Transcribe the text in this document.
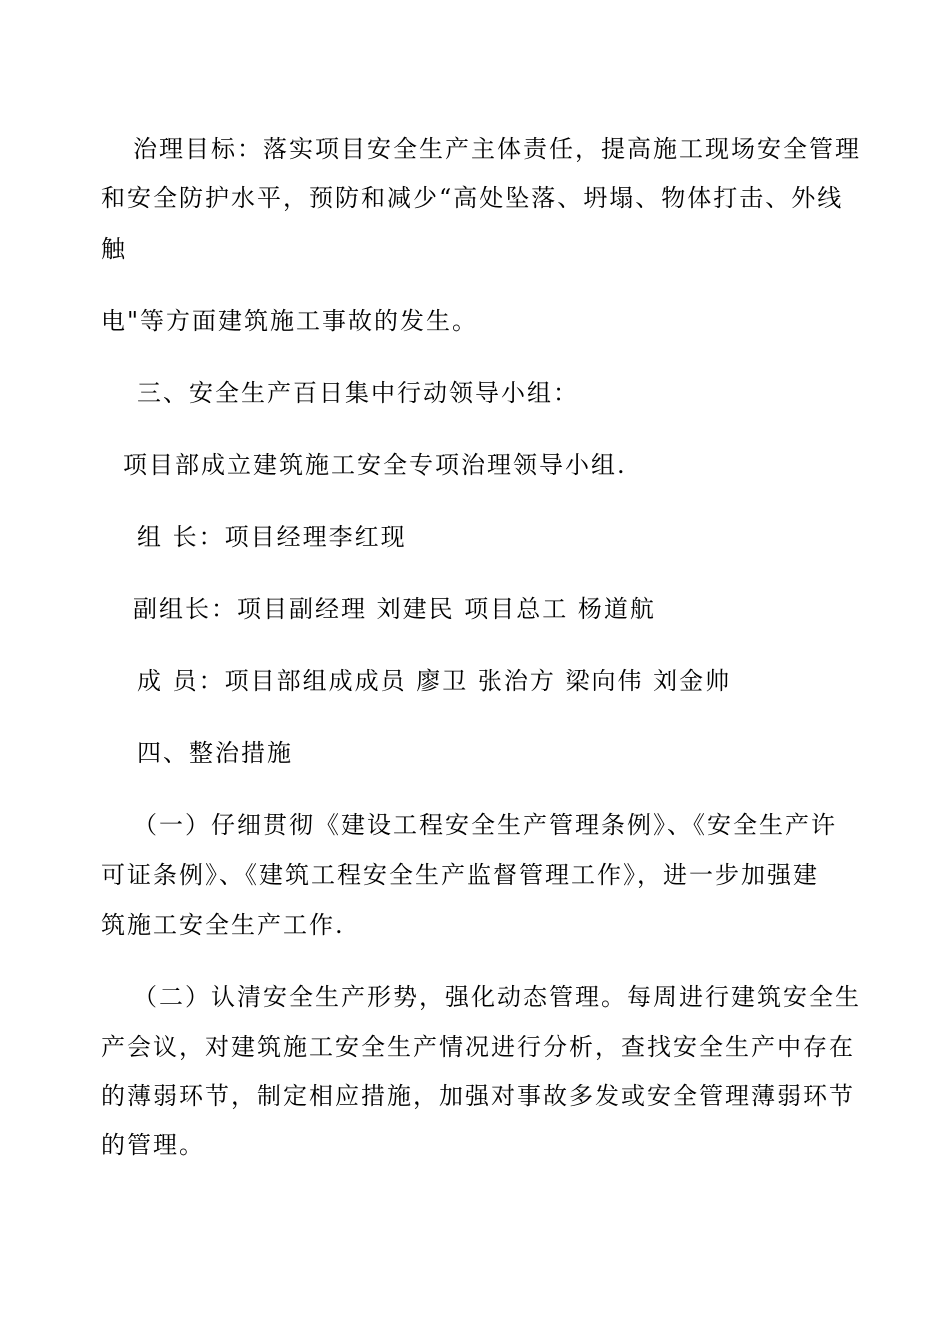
治理目标：落实项目安全生产主体责任，提高施工现场安全管理
和安全防护水平，预防和减少“高处坠落、坍塌、物体打击、外线
触
电"等方面建筑施工事故的发生。
三、安全生产百日集中行动领导小组：
项目部成立建筑施工安全专项治理领导小组.
组 长：项目经理李红现
副组长：项目副经理 刘建民 项目总工 杨道航
成 员：项目部组成成员 廖卫 张治方 梁向伟 刘金帅
四、整治措施
（一）仔细贯彻《建设工程安全生产管理条例》、《安全生产许
可证条例》、《建筑工程安全生产监督管理工作》，进一步加强建
筑施工安全生产工作.
（二）认清安全生产形势，强化动态管理。每周进行建筑安全生
产会议，对建筑施工安全生产情况进行分析，查找安全生产中存在
的薄弱环节，制定相应措施，加强对事故多发或安全管理薄弱环节
的管理。
